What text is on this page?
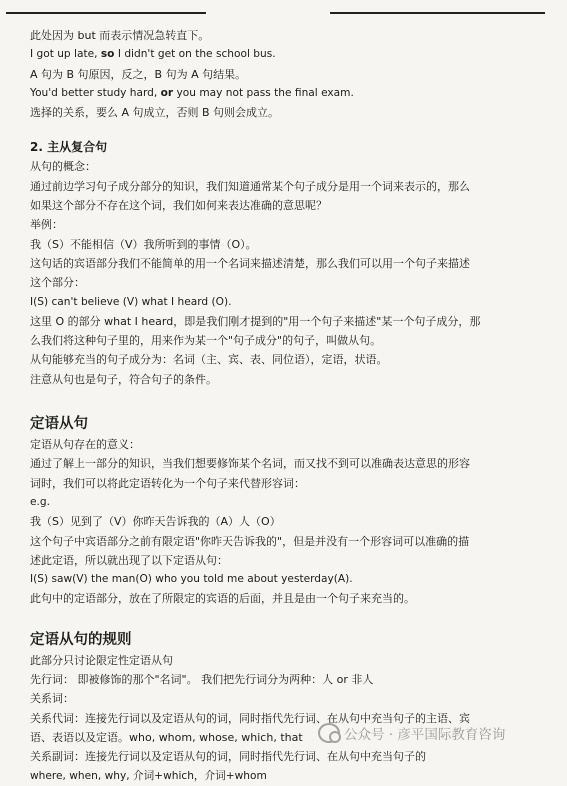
此处因为 but 而表示情况急转直下。
I got up late, so I didn't get on the school bus.
A 句为 B 句原因，反之，B 句为 A 句结果。
You'd better study hard, or you may not pass the final exam.
选择的关系，要么 A 句成立，否则 B 句则会成立。
2. 主从复合句
从句的概念：
通过前边学习句子成分部分的知识，我们知道通常某个句子成分是用一个词来表示的，那么
如果这个部分不存在这个词，我们如何来表达准确的意思呢？
举例：
我（S）不能相信（V）我所听到的事情（O）。
这句话的宾语部分我们不能简单的用一个名词来描述清楚，那么我们可以用一个句子来描述
这个部分：
I(S) can't believe (V) what I heard (O).
这里 O 的部分 what I heard，即是我们刚才提到的"用一个句子来描述"某一个句子成分，那
么我们将这种句子里的，用来作为某一个"句子成分"的句子，叫做从句。
从句能够充当的句子成分为：名词（主、宾、表、同位语），定语，状语。
注意从句也是句子，符合句子的条件。
定语从句
定语从句存在的意义：
通过了解上一部分的知识，当我们想要修饰某个名词，而又找不到可以准确表达意思的形容
词时，我们可以将此定语转化为一个句子来代替形容词：
e.g.
我（S）见到了（V）你昨天告诉我的（A）人（O）
这个句子中宾语部分之前有限定语"你昨天告诉我的"，但是并没有一个形容词可以准确的描
述此定语，所以就出现了以下定语从句：
I(S) saw(V) the man(O) who you told me about yesterday(A).
此句中的定语部分，放在了所限定的宾语的后面，并且是由一个句子来充当的。
定语从句的规则
此部分只讨论限定性定语从句
先行词： 即被修饰的那个"名词"。 我们把先行词分为两种：人 or 非人
关系词：
关系代词：连接先行词以及定语从句的词，同时指代先行词、在从句中充当句子的主语、宾
语、表语以及定语。who, whom, whose, which, that
关系副词：连接先行词以及定语从句的词，同时指代先行词、在从句中充当句子的
where, when, why, 介词+which，介词+whom
公众号 · 彦平国际教育咨询
